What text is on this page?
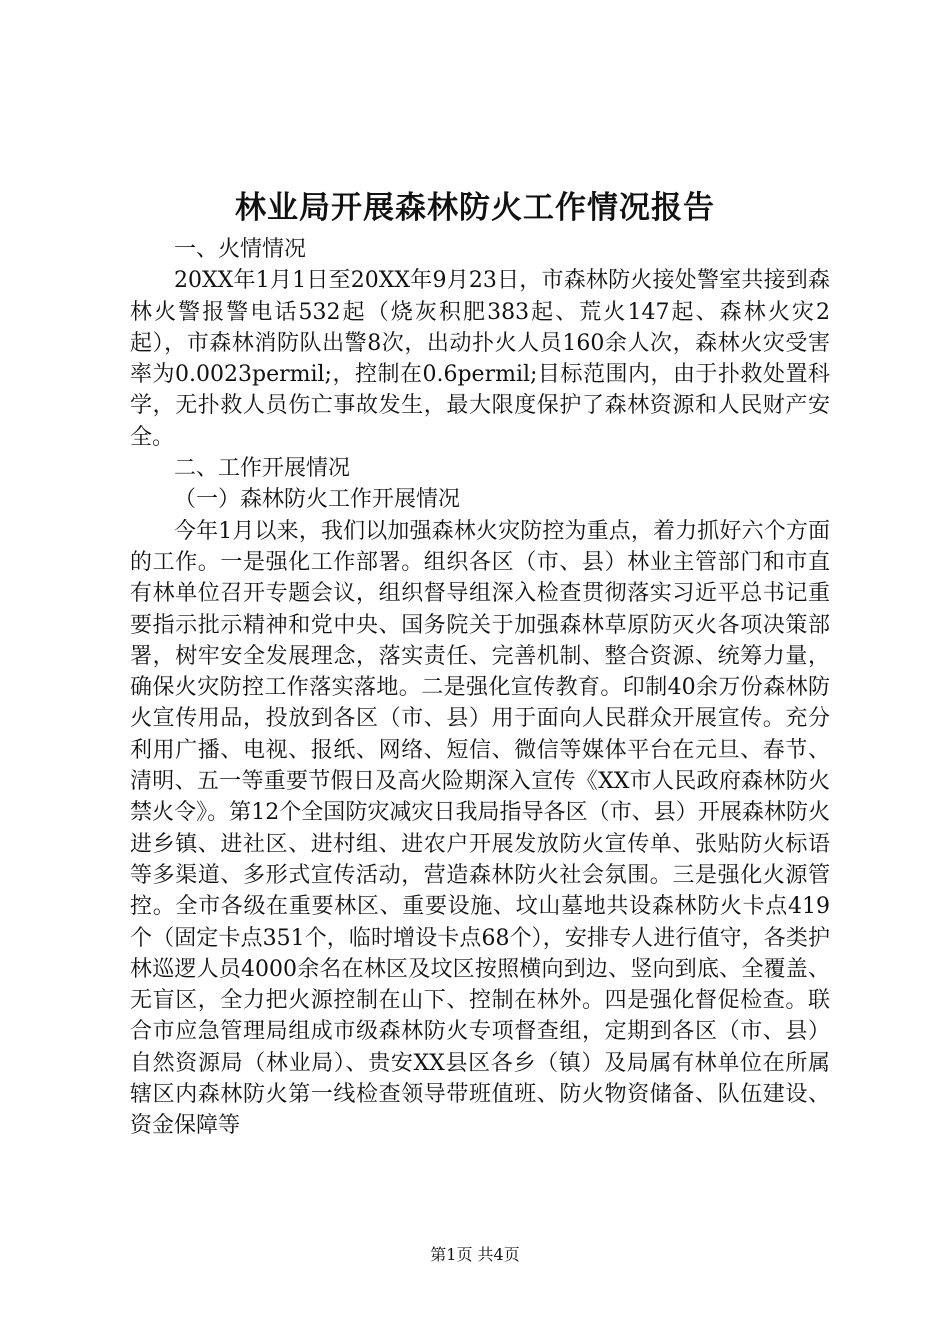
林业局开展森林防火工作情况报告

一、火情情况

20XX年1月1日至20XX年9月23日，市森林防火接处警室共接到森林火警报警电话532起（烧灰积肥383起、荒火147起、森林火灾2起），市森林消防队出警8次，出动扑火人员160余人次，森林火灾受害率为0.0023permil;，控制在0.6permil;目标范围内，由于扑救处置科学，无扑救人员伤亡事故发生，最大限度保护了森林资源和人民财产安全。

二、工作开展情况

（一）森林防火工作开展情况

今年1月以来，我们以加强森林火灾防控为重点，着力抓好六个方面的工作。一是强化工作部署。组织各区（市、县）林业主管部门和市直有林单位召开专题会议，组织督导组深入检查贯彻落实习近平总书记重要指示批示精神和党中央、国务院关于加强森林草原防灭火各项决策部署，树牢安全发展理念，落实责任、完善机制、整合资源、统筹力量，确保火灾防控工作落实落地。二是强化宣传教育。印制40余万份森林防火宣传用品，投放到各区（市、县）用于面向人民群众开展宣传。充分利用广播、电视、报纸、网络、短信、微信等媒体平台在元旦、春节、清明、五一等重要节假日及高火险期深入宣传《XX市人民政府森林防火禁火令》。第12个全国防灾减灾日我局指导各区（市、县）开展森林防火进乡镇、进社区、进村组、进农户开展发放防火宣传单、张贴防火标语等多渠道、多形式宣传活动，营造森林防火社会氛围。三是强化火源管控。全市各级在重要林区、重要设施、坟山墓地共设森林防火卡点419个（固定卡点351个，临时增设卡点68个），安排专人进行值守，各类护林巡逻人员4000余名在林区及坟区按照横向到边、竖向到底、全覆盖、无盲区，全力把火源控制在山下、控制在林外。四是强化督促检查。联合市应急管理局组成市级森林防火专项督查组，定期到各区（市、县）自然资源局（林业局）、贵安XX县区各乡（镇）及局属有林单位在所属辖区内森林防火第一线检查领导带班值班、防火物资储备、队伍建设、资金保障等

第1页 共4页
